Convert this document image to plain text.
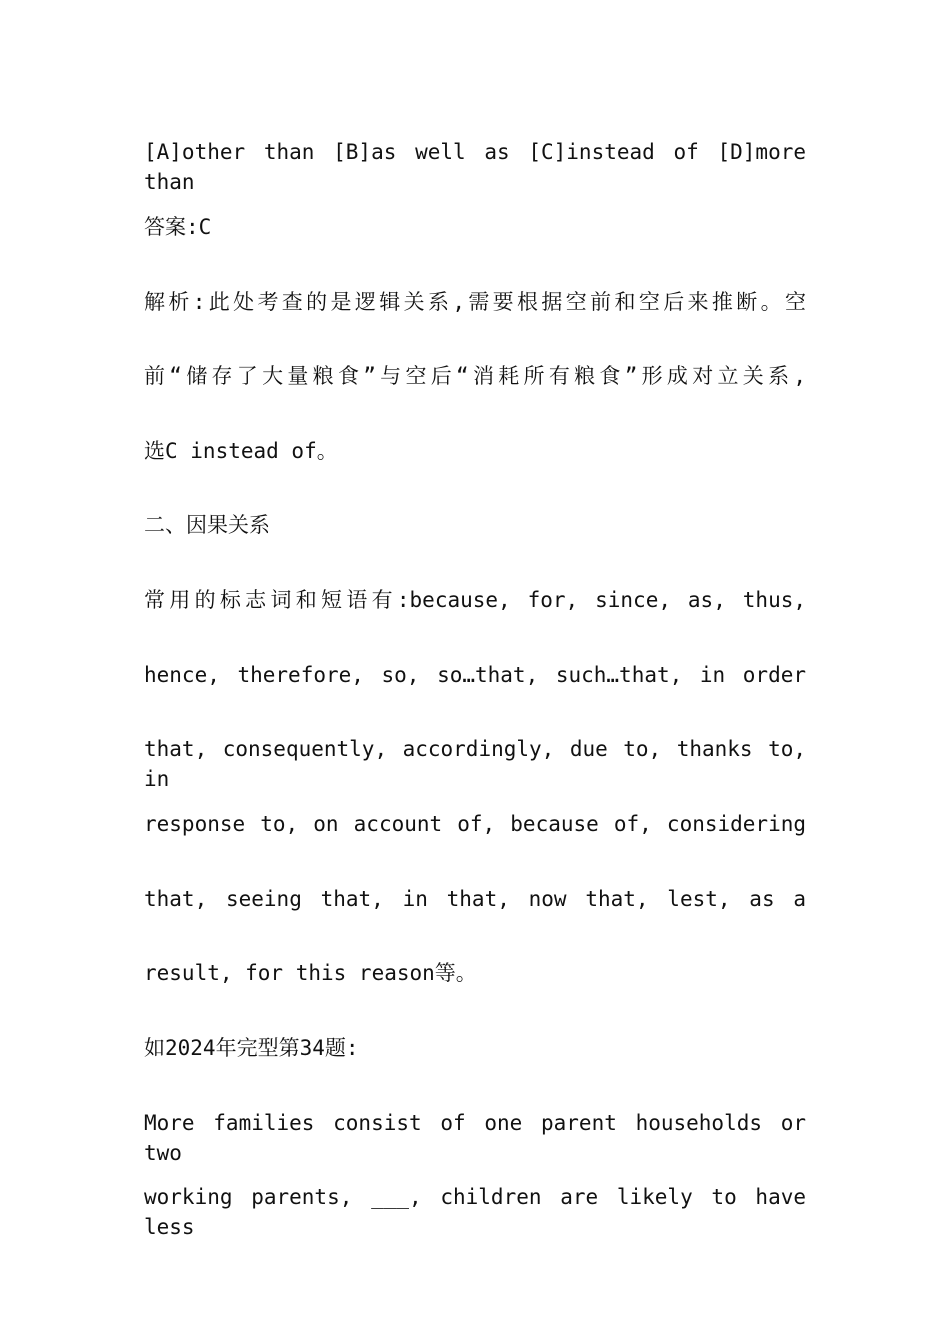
[A]other than [B]as well as [C]instead of [D]more than
答案:C
解析:此处考查的是逻辑关系,需要根据空前和空后来推断。空
前“储存了大量粮食”与空后“消耗所有粮食”形成对立关系,
选C instead of。
二、因果关系
常用的标志词和短语有:because, for, since, as, thus,
hence, therefore, so, so…that, such…that, in order
that, consequently, accordingly, due to, thanks to, in
response to, on account of, because of, considering
that, seeing that, in that, now that, lest, as a
result, for this reason等。
如2024年完型第34题:
More families consist of one parent households or two
working parents, ___, children are likely to have less
